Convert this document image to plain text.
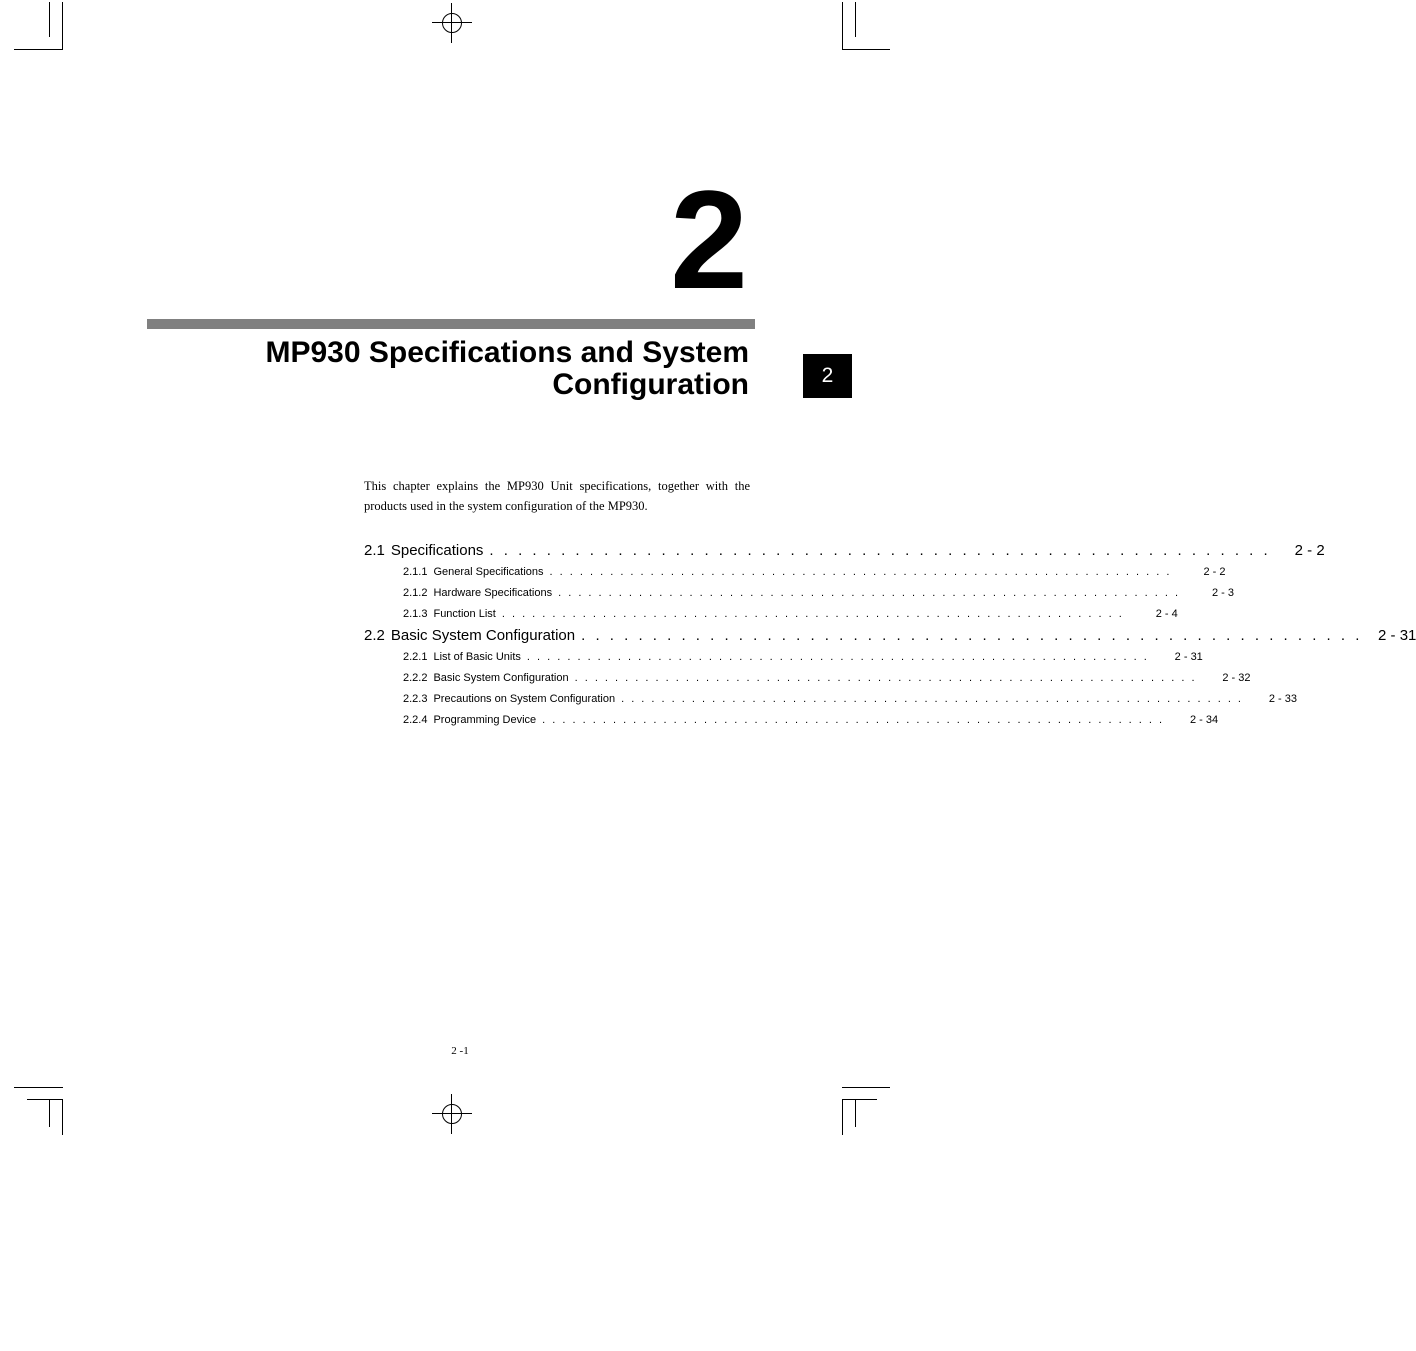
2
MP930 Specifications and System
Configuration	2
This chapter explains the MP930 Unit specifications, together with the products used in the system configuration of the MP930.
2.1 Specifications . . . . . . . . . . . . . . . . . . . . . . . . . . . . . . . . . . . . . . . . . . . . . . . . . . . . . . .	2 - 2
2.1.1 General Specifications . . . . . . . . . . . . . . . . . . . . . . . . . . . . . . . . . . . . . . . . . . . . . . . . . . . . . . . . . . . . . .	2 - 2
2.1.2 Hardware Specifications . . . . . . . . . . . . . . . . . . . . . . . . . . . . . . . . . . . . . . . . . . . . . . . . . . . . . . . . . . . . . .	2 - 3
2.1.3 Function List . . . . . . . . . . . . . . . . . . . . . . . . . . . . . . . . . . . . . . . . . . . . . . . . . . . . . . . . . . . . . .	2 - 4
2.2 Basic System Configuration . . . . . . . . . . . . . . . . . . . . . . . . . . . . . . . . . . . . . . . . . . . . . . . . . . . . . . .	2 - 31
2.2.1 List of Basic Units . . . . . . . . . . . . . . . . . . . . . . . . . . . . . . . . . . . . . . . . . . . . . . . . . . . . . . . . . . . . . .	2 - 31
2.2.2 Basic System Configuration . . . . . . . . . . . . . . . . . . . . . . . . . . . . . . . . . . . . . . . . . . . . . . . . . . . . . . . . . . . . . .	2 - 32
2.2.3 Precautions on System Configuration . . . . . . . . . . . . . . . . . . . . . . . . . . . . . . . . . . . . . . . . . . . . . . . . . . . . . . . . . . . . . .	2 - 33
2.2.4 Programming Device . . . . . . . . . . . . . . . . . . . . . . . . . . . . . . . . . . . . . . . . . . . . . . . . . . . . . . . . . . . . . .	2 - 34
2 -1
